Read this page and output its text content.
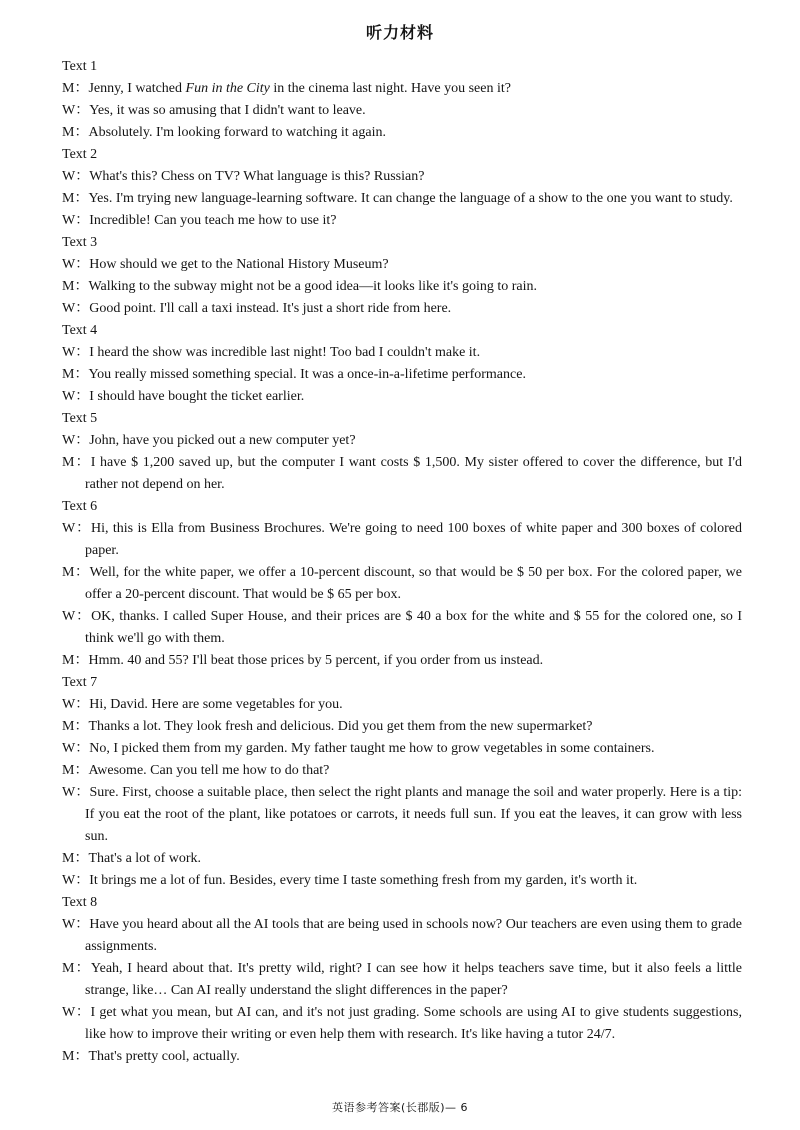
听力材料

Text 1

M：Jenny, I watched Fun in the City in the cinema last night. Have you seen it?

W：Yes, it was so amusing that I didn't want to leave.

M：Absolutely. I'm looking forward to watching it again.

Text 2

W：What's this? Chess on TV? What language is this? Russian?

M：Yes. I'm trying new language-learning software. It can change the language of a show to the one you want to study.

W：Incredible! Can you teach me how to use it?

Text 3

W：How should we get to the National History Museum?

M：Walking to the subway might not be a good idea—it looks like it's going to rain.

W：Good point. I'll call a taxi instead. It's just a short ride from here.

Text 4

W：I heard the show was incredible last night! Too bad I couldn't make it.

M：You really missed something special. It was a once-in-a-lifetime performance.

W：I should have bought the ticket earlier.

Text 5

W：John, have you picked out a new computer yet?

M：I have $ 1,200 saved up, but the computer I want costs $ 1,500. My sister offered to cover the difference, but I'd rather not depend on her.

Text 6

W：Hi, this is Ella from Business Brochures. We're going to need 100 boxes of white paper and 300 boxes of colored paper.

M：Well, for the white paper, we offer a 10-percent discount, so that would be $ 50 per box. For the colored paper, we offer a 20-percent discount. That would be $ 65 per box.

W：OK, thanks. I called Super House, and their prices are $ 40 a box for the white and $ 55 for the colored one, so I think we'll go with them.

M：Hmm. 40 and 55? I'll beat those prices by 5 percent, if you order from us instead.

Text 7

W：Hi, David. Here are some vegetables for you.

M：Thanks a lot. They look fresh and delicious. Did you get them from the new supermarket?

W：No, I picked them from my garden. My father taught me how to grow vegetables in some containers.

M：Awesome. Can you tell me how to do that?

W：Sure. First, choose a suitable place, then select the right plants and manage the soil and water properly. Here is a tip: If you eat the root of the plant, like potatoes or carrots, it needs full sun. If you eat the leaves, it can grow with less sun.

M：That's a lot of work.

W：It brings me a lot of fun. Besides, every time I taste something fresh from my garden, it's worth it.

Text 8

W：Have you heard about all the AI tools that are being used in schools now? Our teachers are even using them to grade assignments.

M：Yeah, I heard about that. It's pretty wild, right? I can see how it helps teachers save time, but it also feels a little strange, like… Can AI really understand the slight differences in the paper?

W：I get what you mean, but AI can, and it's not just grading. Some schools are using AI to give students suggestions, like how to improve their writing or even help them with research. It's like having a tutor 24/7.

M：That's pretty cool, actually.

英语参考答案(长郡版)— 6
